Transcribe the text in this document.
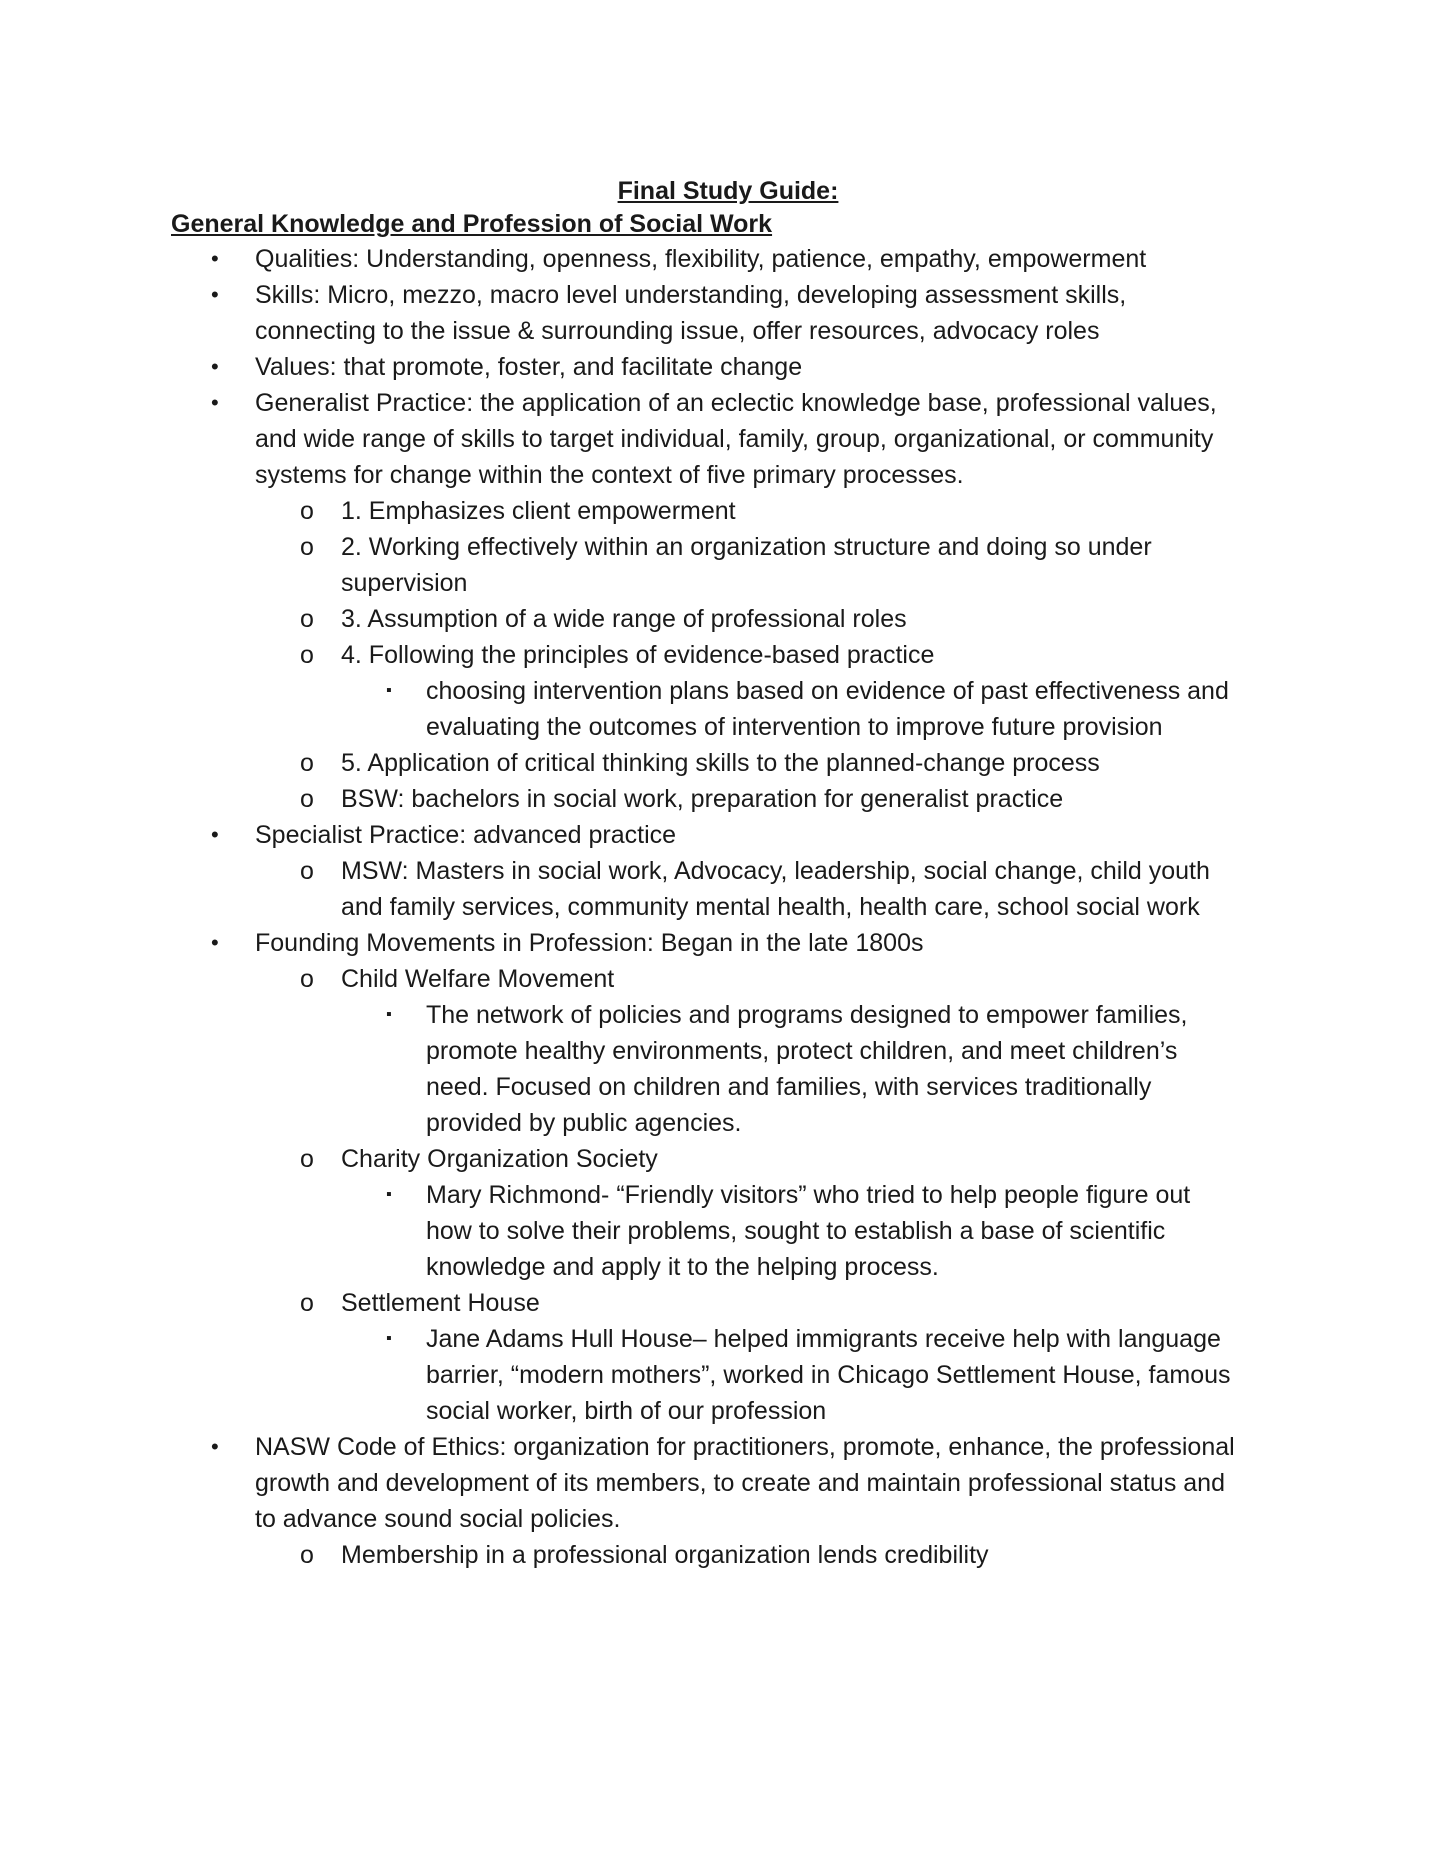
Final Study Guide:
General Knowledge and Profession of Social Work
• Qualities: Understanding, openness, flexibility, patience, empathy, empowerment
• Skills: Micro, mezzo, macro level understanding, developing assessment skills,
connecting to the issue & surrounding issue, offer resources, advocacy roles
• Values: that promote, foster, and facilitate change
• Generalist Practice: the application of an eclectic knowledge base, professional values,
and wide range of skills to target individual, family, group, organizational, or community
systems for change within the context of five primary processes.
o 1. Emphasizes client empowerment
o 2. Working effectively within an organization structure and doing so under
supervision
o 3. Assumption of a wide range of professional roles
o 4. Following the principles of evidence-based practice
▪ choosing intervention plans based on evidence of past effectiveness and
evaluating the outcomes of intervention to improve future provision
o 5. Application of critical thinking skills to the planned-change process
o BSW: bachelors in social work, preparation for generalist practice
• Specialist Practice: advanced practice
o MSW: Masters in social work, Advocacy, leadership, social change, child youth
and family services, community mental health, health care, school social work
• Founding Movements in Profession: Began in the late 1800s
o Child Welfare Movement
▪ The network of policies and programs designed to empower families,
promote healthy environments, protect children, and meet children’s
need. Focused on children and families, with services traditionally
provided by public agencies.
o Charity Organization Society
▪ Mary Richmond- “Friendly visitors” who tried to help people figure out
how to solve their problems, sought to establish a base of scientific
knowledge and apply it to the helping process.
o Settlement House
▪ Jane Adams Hull House– helped immigrants receive help with language
barrier, “modern mothers”, worked in Chicago Settlement House, famous
social worker, birth of our profession
• NASW Code of Ethics: organization for practitioners, promote, enhance, the professional
growth and development of its members, to create and maintain professional status and
to advance sound social policies.
o Membership in a professional organization lends credibility
